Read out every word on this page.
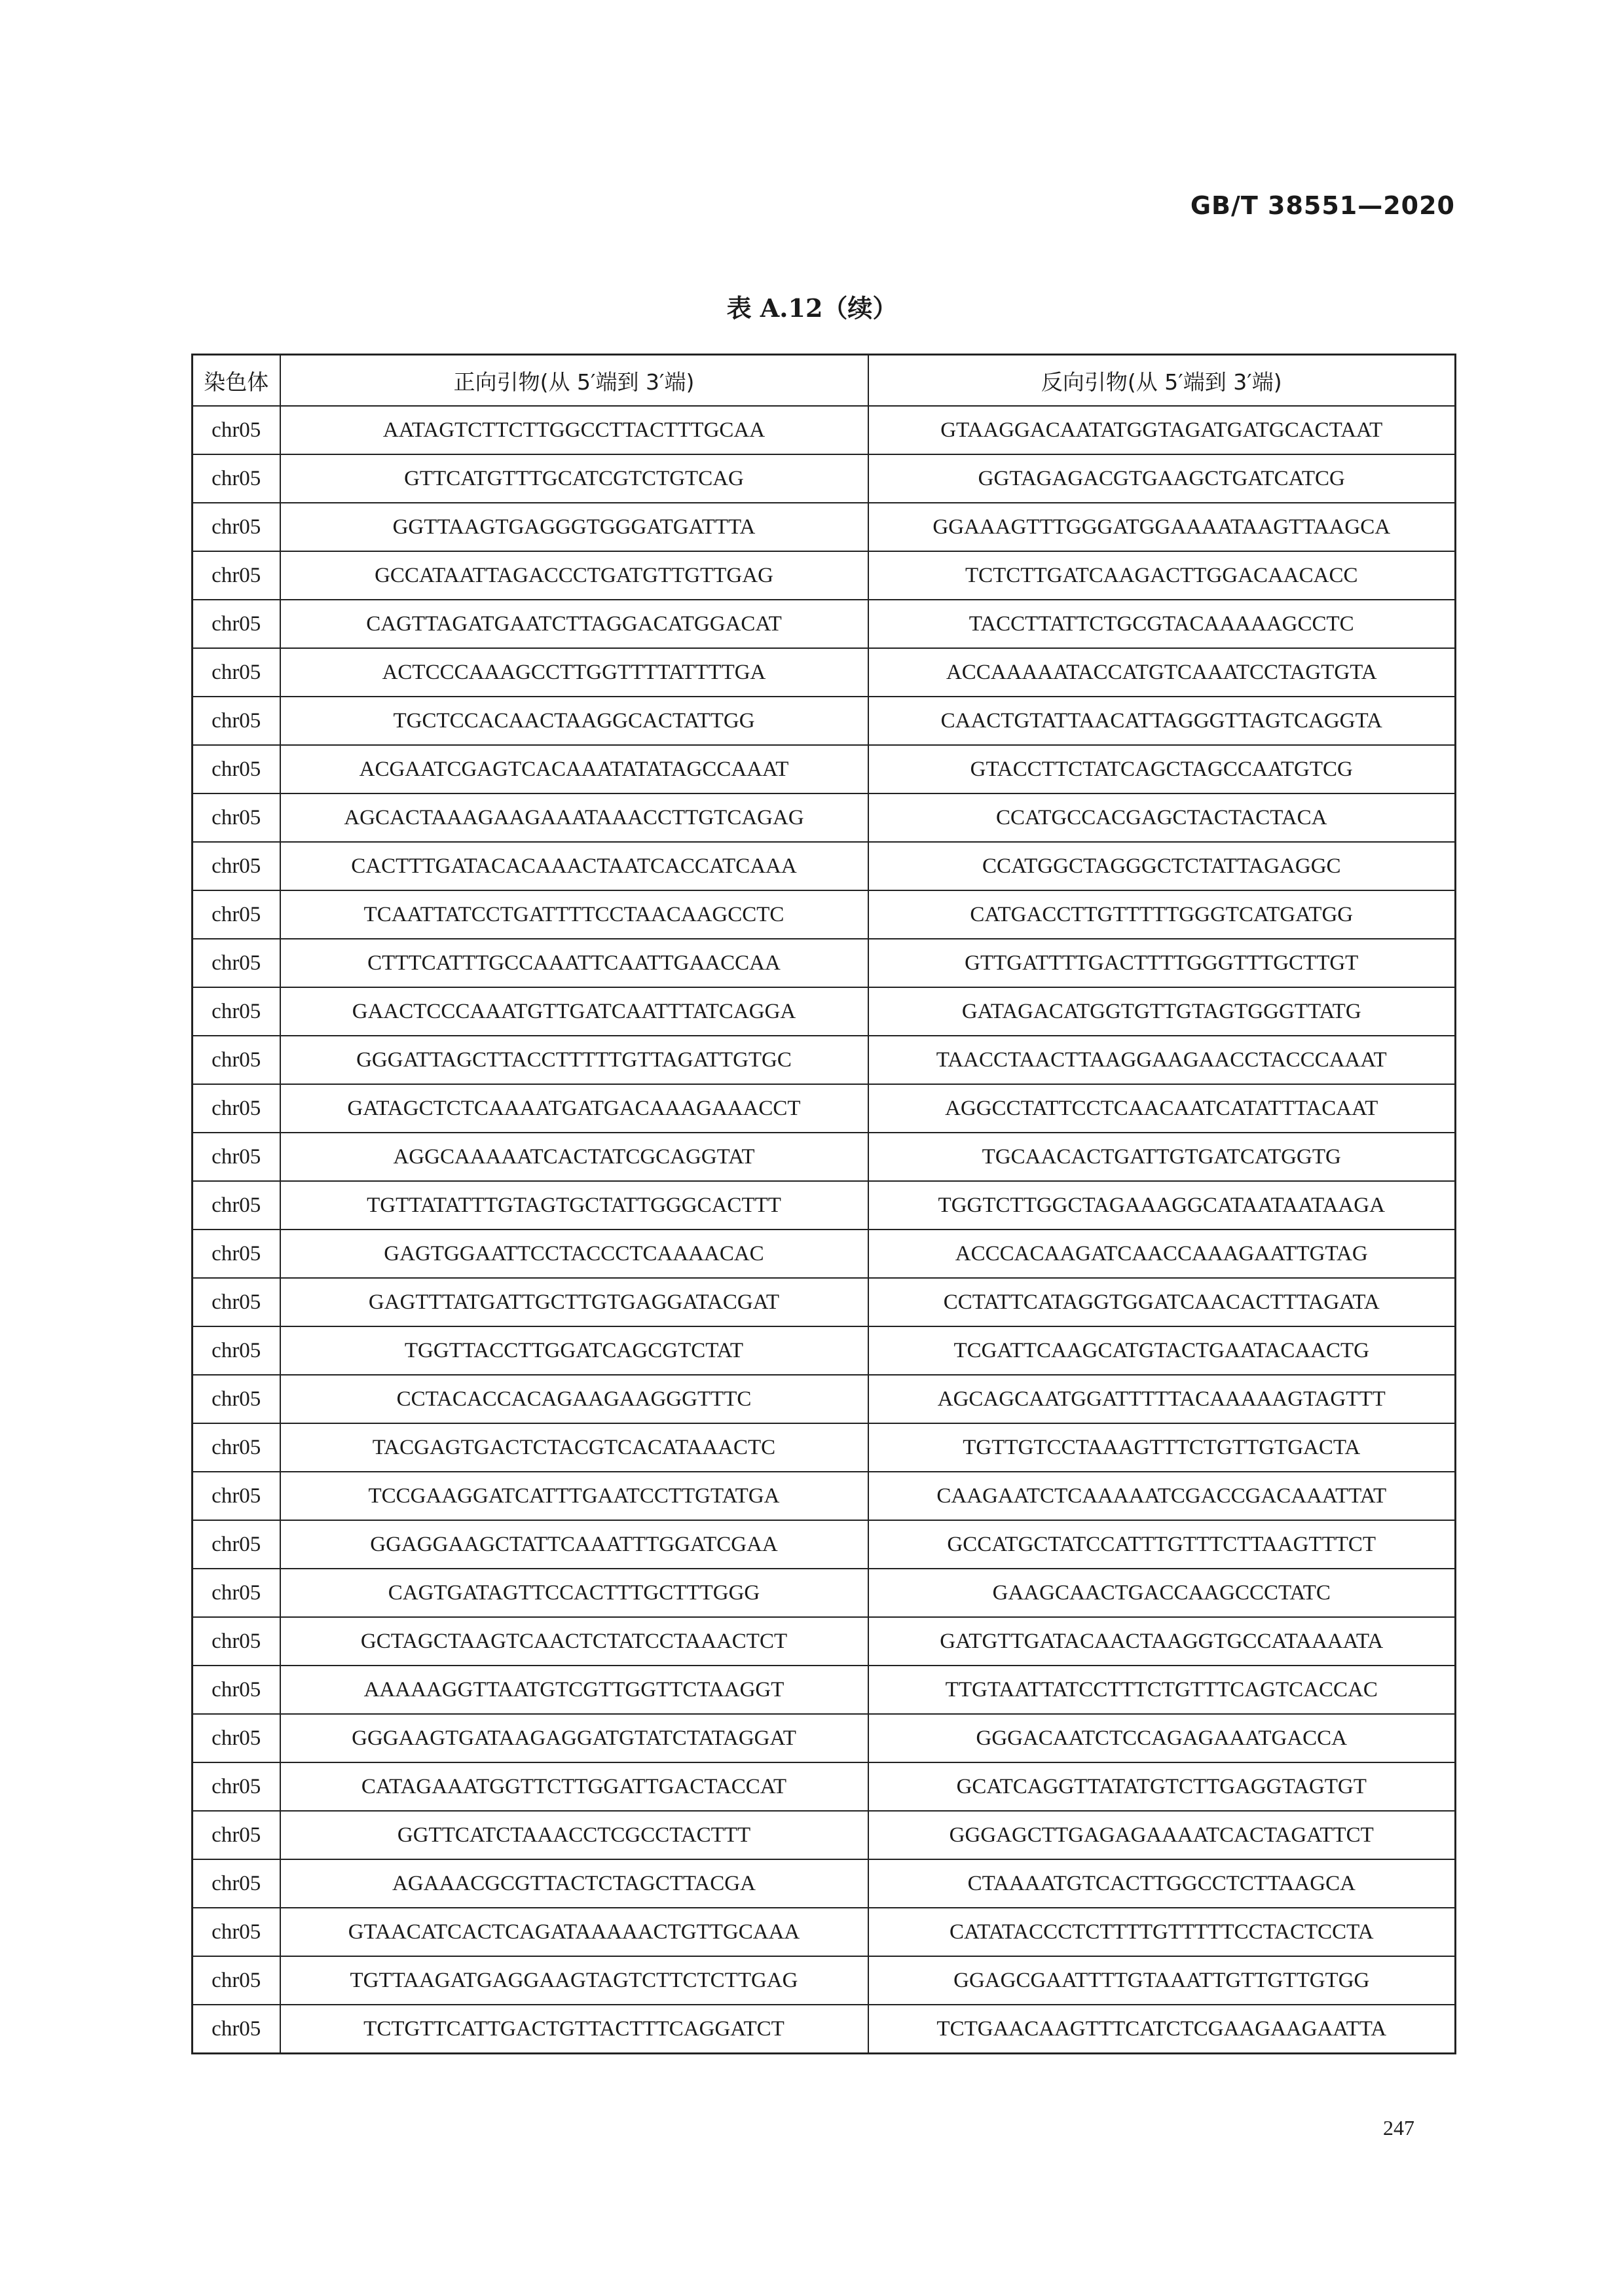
GB/T 38551—2020
表 A.12（续）
染色体	正向引物(从 5′端到 3′端)	反向引物(从 5′端到 3′端)
chr05	AATAGTCTTCTTGGCCTTACTTTGCAA	GTAAGGACAATATGGTAGATGATGCACTAAT
chr05	GTTCATGTTTGCATCGTCTGTCAG	GGTAGAGACGTGAAGCTGATCATCG
chr05	GGTTAAGTGAGGGTGGGATGATTTA	GGAAAGTTTGGGATGGAAAATAAGTTAAGCA
chr05	GCCATAATTAGACCCTGATGTTGTTGAG	TCTCTTGATCAAGACTTGGACAACACC
chr05	CAGTTAGATGAATCTTAGGACATGGACAT	TACCTTATTCTGCGTACAAAAAGCCTC
chr05	ACTCCCAAAGCCTTGGTTTTATTTTGA	ACCAAAAATACCATGTCAAATCCTAGTGTA
chr05	TGCTCCACAACTAAGGCACTATTGG	CAACTGTATTAACATTAGGGTTAGTCAGGTA
chr05	ACGAATCGAGTCACAAATATATAGCCAAAT	GTACCTTCTATCAGCTAGCCAATGTCG
chr05	AGCACTAAAGAAGAAATAAACCTTGTCAGAG	CCATGCCACGAGCTACTACTACA
chr05	CACTTTGATACACAAACTAATCACCATCAAA	CCATGGCTAGGGCTCTATTAGAGGC
chr05	TCAATTATCCTGATTTTCCTAACAAGCCTC	CATGACCTTGTTTTTGGGTCATGATGG
chr05	CTTTCATTTGCCAAATTCAATTGAACCAA	GTTGATTTTGACTTTTGGGTTTGCTTGT
chr05	GAACTCCCAAATGTTGATCAATTTATCAGGA	GATAGACATGGTGTTGTAGTGGGTTATG
chr05	GGGATTAGCTTACCTTTTTGTTAGATTGTGC	TAACCTAACTTAAGGAAGAACCTACCCAAAT
chr05	GATAGCTCTCAAAATGATGACAAAGAAACCT	AGGCCTATTCCTCAACAATCATATTTACAAT
chr05	AGGCAAAAATCACTATCGCAGGTAT	TGCAACACTGATTGTGATCATGGTG
chr05	TGTTATATTTGTAGTGCTATTGGGCACTTT	TGGTCTTGGCTAGAAAGGCATAATAATAAGA
chr05	GAGTGGAATTCCTACCCTCAAAACAC	ACCCACAAGATCAACCAAAGAATTGTAG
chr05	GAGTTTATGATTGCTTGTGAGGATACGAT	CCTATTCATAGGTGGATCAACACTTTAGATA
chr05	TGGTTACCTTGGATCAGCGTCTAT	TCGATTCAAGCATGTACTGAATACAACTG
chr05	CCTACACCACAGAAGAAGGGTTTC	AGCAGCAATGGATTTTTACAAAAAGTAGTTT
chr05	TACGAGTGACTCTACGTCACATAAACTC	TGTTGTCCTAAAGTTTCTGTTGTGACTA
chr05	TCCGAAGGATCATTTGAATCCTTGTATGA	CAAGAATCTCAAAAATCGACCGACAAATTAT
chr05	GGAGGAAGCTATTCAAATTTGGATCGAA	GCCATGCTATCCATTTGTTTCTTAAGTTTCT
chr05	CAGTGATAGTTCCACTTTGCTTTGGG	GAAGCAACTGACCAAGCCCTATC
chr05	GCTAGCTAAGTCAACTCTATCCTAAACTCT	GATGTTGATACAACTAAGGTGCCATAAAATA
chr05	AAAAAGGTTAATGTCGTTGGTTCTAAGGT	TTGTAATTATCCTTTCTGTTTCAGTCACCAC
chr05	GGGAAGTGATAAGAGGATGTATCTATAGGAT	GGGACAATCTCCAGAGAAATGACCA
chr05	CATAGAAATGGTTCTTGGATTGACTACCAT	GCATCAGGTTATATGTCTTGAGGTAGTGT
chr05	GGTTCATCTAAACCTCGCCTACTTT	GGGAGCTTGAGAGAAAATCACTAGATTCT
chr05	AGAAACGCGTTACTCTAGCTTACGA	CTAAAATGTCACTTGGCCTCTTAAGCA
chr05	GTAACATCACTCAGATAAAAACTGTTGCAAA	CATATACCCTCTTTTGTTTTTCCTACTCCTA
chr05	TGTTAAGATGAGGAAGTAGTCTTCTCTTGAG	GGAGCGAATTTTGTAAATTGTTGTTGTGG
chr05	TCTGTTCATTGACTGTTACTTTCAGGATCT	TCTGAACAAGTTTCATCTCGAAGAAGAATTA
247
